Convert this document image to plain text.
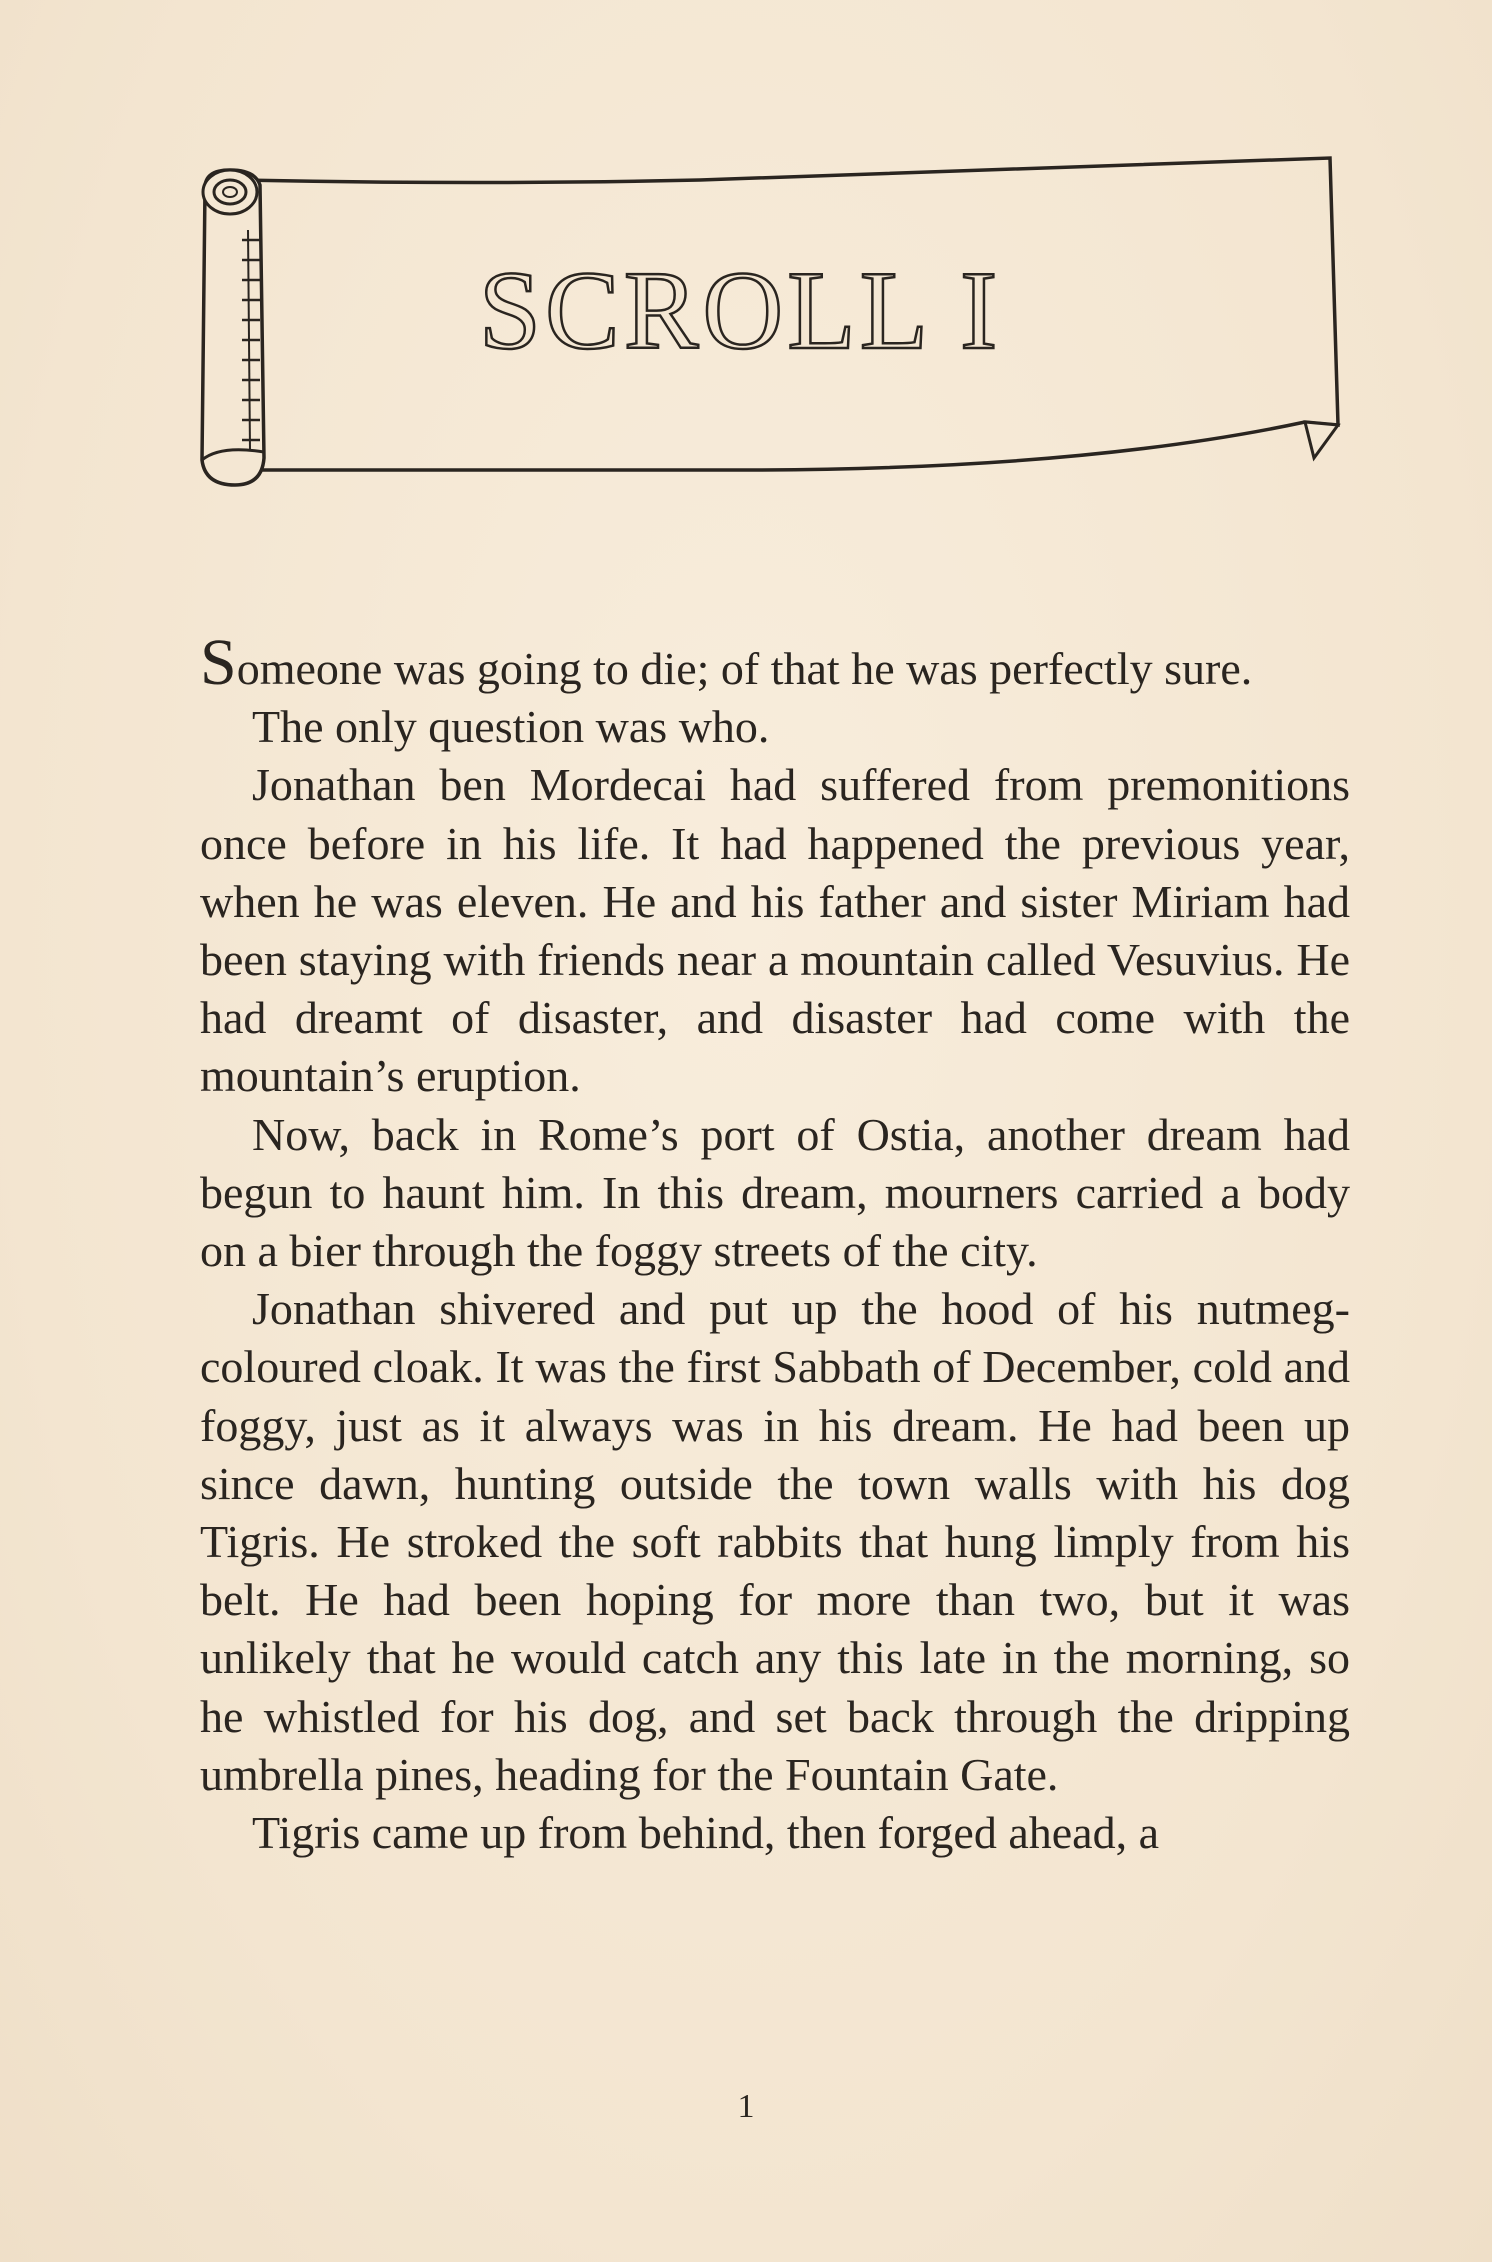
SCROLL I

Someone was going to die; of that he was perfectly sure.

The only question was who.

Jonathan ben Mordecai had suffered from premonitions once before in his life. It had happened the previous year, when he was eleven. He and his father and sister Miriam had been staying with friends near a mountain called Vesuvius. He had dreamt of disaster, and disaster had come with the mountain’s eruption.

Now, back in Rome’s port of Ostia, another dream had begun to haunt him. In this dream, mourners carried a body on a bier through the foggy streets of the city.

Jonathan shivered and put up the hood of his nutmeg-coloured cloak. It was the first Sabbath of December, cold and foggy, just as it always was in his dream. He had been up since dawn, hunting outside the town walls with his dog Tigris. He stroked the soft rabbits that hung limply from his belt. He had been hoping for more than two, but it was unlikely that he would catch any this late in the morning, so he whistled for his dog, and set back through the dripping umbrella pines, heading for the Fountain Gate.

Tigris came up from behind, then forged ahead, a

1
